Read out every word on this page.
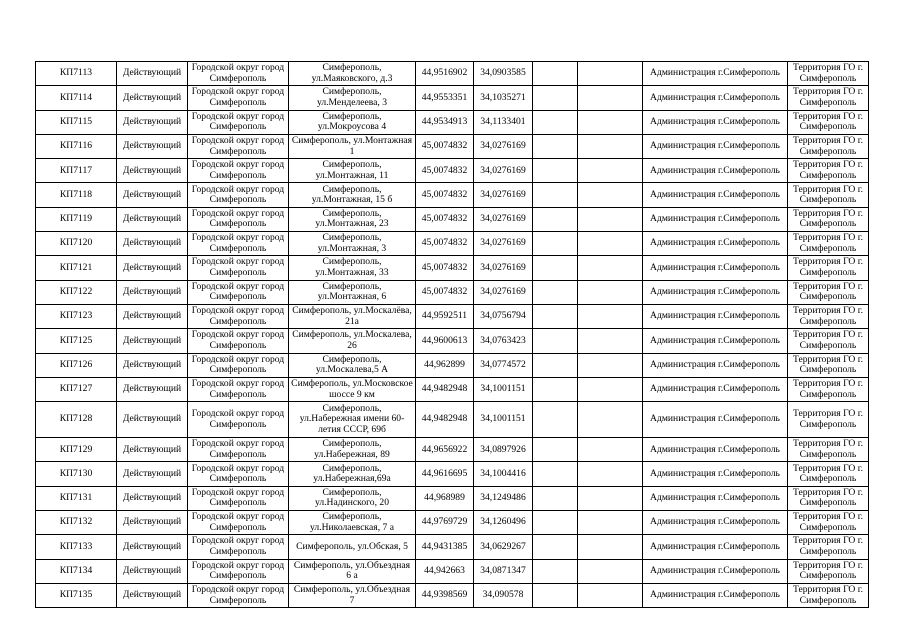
КП7113	Действующий	Городской округ город Симферополь	Симферополь, ул.Маяковского, д.3	44,9516902	34,0903585			Администрация г.Симферополь	Территория ГО г. Симферополь
КП7114	Действующий	Городской округ город Симферополь	Симферополь, ул.Менделеева, 3	44,9553351	34,1035271			Администрация г.Симферополь	Территория ГО г. Симферополь
КП7115	Действующий	Городской округ город Симферополь	Симферополь, ул.Мокроусова 4	44,9534913	34,1133401			Администрация г.Симферополь	Территория ГО г. Симферополь
КП7116	Действующий	Городской округ город Симферополь	Симферополь, ул.Монтажная 1	45,0074832	34,0276169			Администрация г.Симферополь	Территория ГО г. Симферополь
КП7117	Действующий	Городской округ город Симферополь	Симферополь, ул.Монтажная, 11	45,0074832	34,0276169			Администрация г.Симферополь	Территория ГО г. Симферополь
КП7118	Действующий	Городской округ город Симферополь	Симферополь, ул.Монтажная, 15 б	45,0074832	34,0276169			Администрация г.Симферополь	Территория ГО г. Симферополь
КП7119	Действующий	Городской округ город Симферополь	Симферополь, ул.Монтажная, 23	45,0074832	34,0276169			Администрация г.Симферополь	Территория ГО г. Симферополь
КП7120	Действующий	Городской округ город Симферополь	Симферополь, ул.Монтажная, 3	45,0074832	34,0276169			Администрация г.Симферополь	Территория ГО г. Симферополь
КП7121	Действующий	Городской округ город Симферополь	Симферополь, ул.Монтажная, 33	45,0074832	34,0276169			Администрация г.Симферополь	Территория ГО г. Симферополь
КП7122	Действующий	Городской округ город Симферополь	Симферополь, ул.Монтажная, 6	45,0074832	34,0276169			Администрация г.Симферополь	Территория ГО г. Симферополь
КП7123	Действующий	Городской округ город Симферополь	Симферополь, ул.Москалёва, 21а	44,9592511	34,0756794			Администрация г.Симферополь	Территория ГО г. Симферополь
КП7125	Действующий	Городской округ город Симферополь	Симферополь, ул.Москалева, 26	44,9600613	34,0763423			Администрация г.Симферополь	Территория ГО г. Симферополь
КП7126	Действующий	Городской округ город Симферополь	Симферополь, ул.Москалева,5 А	44,962899	34,0774572			Администрация г.Симферополь	Территория ГО г. Симферополь
КП7127	Действующий	Городской округ город Симферополь	Симферополь, ул.Московское шоссе 9 км	44,9482948	34,1001151			Администрация г.Симферополь	Территория ГО г. Симферополь
КП7128	Действующий	Городской округ город Симферополь	Симферополь, ул.Набережная имени 60-летия СССР, 69б	44,9482948	34,1001151			Администрация г.Симферополь	Территория ГО г. Симферополь
КП7129	Действующий	Городской округ город Симферополь	Симферополь, ул.Набережная, 89	44,9656922	34,0897926			Администрация г.Симферополь	Территория ГО г. Симферополь
КП7130	Действующий	Городской округ город Симферополь	Симферополь, ул.Набережная,69а	44,9616695	34,1004416			Администрация г.Симферополь	Территория ГО г. Симферополь
КП7131	Действующий	Городской округ город Симферополь	Симферополь, ул.Надинского, 20	44,968989	34,1249486			Администрация г.Симферополь	Территория ГО г. Симферополь
КП7132	Действующий	Городской округ город Симферополь	Симферополь, ул.Николаевская, 7 а	44,9769729	34,1260496			Администрация г.Симферополь	Территория ГО г. Симферополь
КП7133	Действующий	Городской округ город Симферополь	Симферополь, ул.Обская, 5	44,9431385	34,0629267			Администрация г.Симферополь	Территория ГО г. Симферополь
КП7134	Действующий	Городской округ город Симферополь	Симферополь, ул.Объездная 6 а	44,942663	34,0871347			Администрация г.Симферополь	Территория ГО г. Симферополь
КП7135	Действующий	Городской округ город Симферополь	Симферополь, ул.Объездная 7	44,9398569	34,090578			Администрация г.Симферополь	Территория ГО г. Симферополь
